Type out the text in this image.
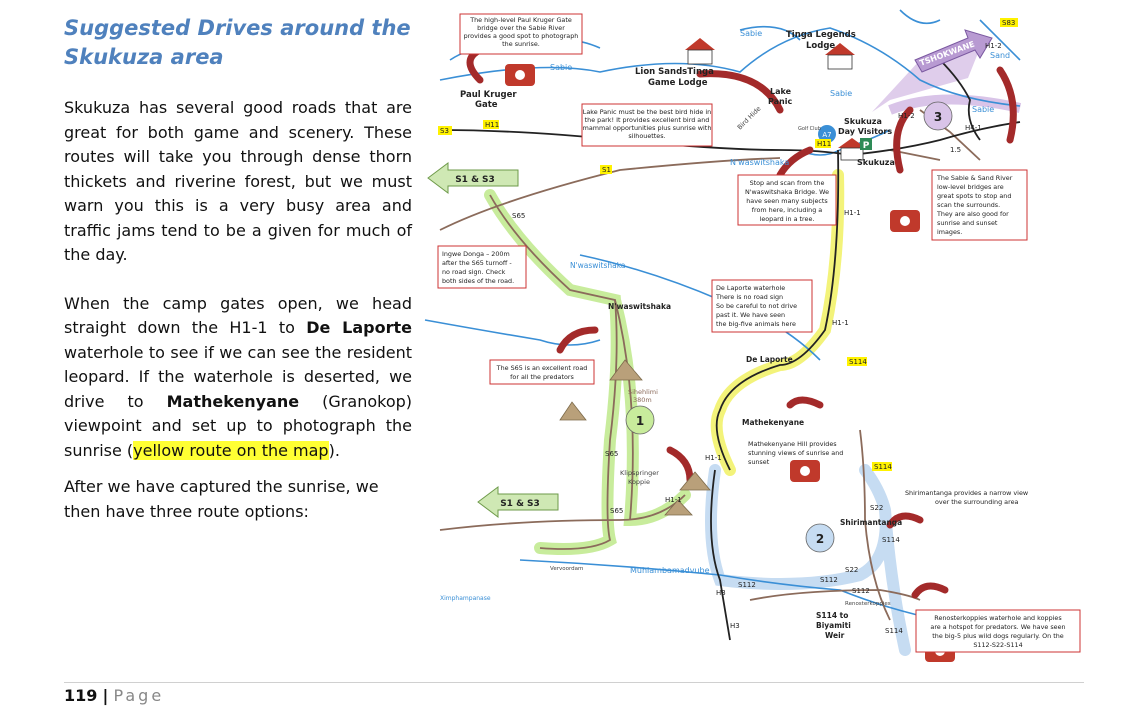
Suggested Drives around the Skukuza area

Skukuza has several good roads that are great for both game and scenery. These routes will take you through dense thorn thickets and riverine forest, but we must warn you this is a very busy area and traffic jams tend to be a given for much of the day.

When the camp gates open, we head straight down the H1-1 to De Laporte waterhole to see if we can see the resident leopard. If the waterhole is deserted, we drive to Mathekenyane (Granokop) viewpoint and set up to photograph the sunrise (yellow route on the map).

After we have captured the sunrise, we then have three route options:

1
2
3
S1 & S3
S1 & S3
TSHOKWANE
A7
P
Paul Kruger
Gate
Lion SandsTinga
Game Lodge
Tinga Legends
Lodge
Lake
Panic
Skukuza
Day Visitors
Skukuza
N'waswitshaka
De Laporte
Mathekenyane
Shirimantanga
S114 to
Biyamiti
Weir
Sihehlimi
380m
Klipspringer
Koppie
Muhlambamadvube
Ximphampanase
Renosterkoppies
Vervoordam
N'waswitshaka
N'waswitshaka
Sabie
Sabie
Sabie
Sabie
Sand
Bird Hide	Golf Club
S3
H11
H11
S1
S65
S65
S65
H1-1
H1-1
H1-1
H1-1
S114
S114
S114
S114
S22
S22
S112
S112
S112
H3
H3
H1-2
H1-2
H4-1
1.5
S83
The high-level Paul Kruger Gate
bridge over the Sabie River
provides a good spot to photograph
the sunrise.
Lake Panic must be the best bird hide in
the park! It provides excellent bird and
mammal opportunities plus sunrise with
silhouettes.
Stop and scan from the
N'waswitshaka Bridge. We
have seen many subjects
from here, including a
leopard in a tree.
The Sabie & Sand River
low-level bridges are
great spots to stop and
scan the surrounds.
They are also good for
sunrise and sunset
images.
Ingwe Donga – 200m
after the S65 turnoff -
no road sign. Check
both sides of the road.
De Laporte waterhole
There is no road sign
So be careful to not drive
past it. We have seen
the big-five animals here
The S65 is an excellent road
for all the predators
Mathekenyane Hill provides
stunning views of sunrise and
sunset
Shirimantanga provides a narrow view
over the surrounding area
Renosterkoppies waterhole and koppies
are a hotspot for predators. We have seen
the big-5 plus wild dogs regularly. On the
S112-S22-S114
119 | Page
